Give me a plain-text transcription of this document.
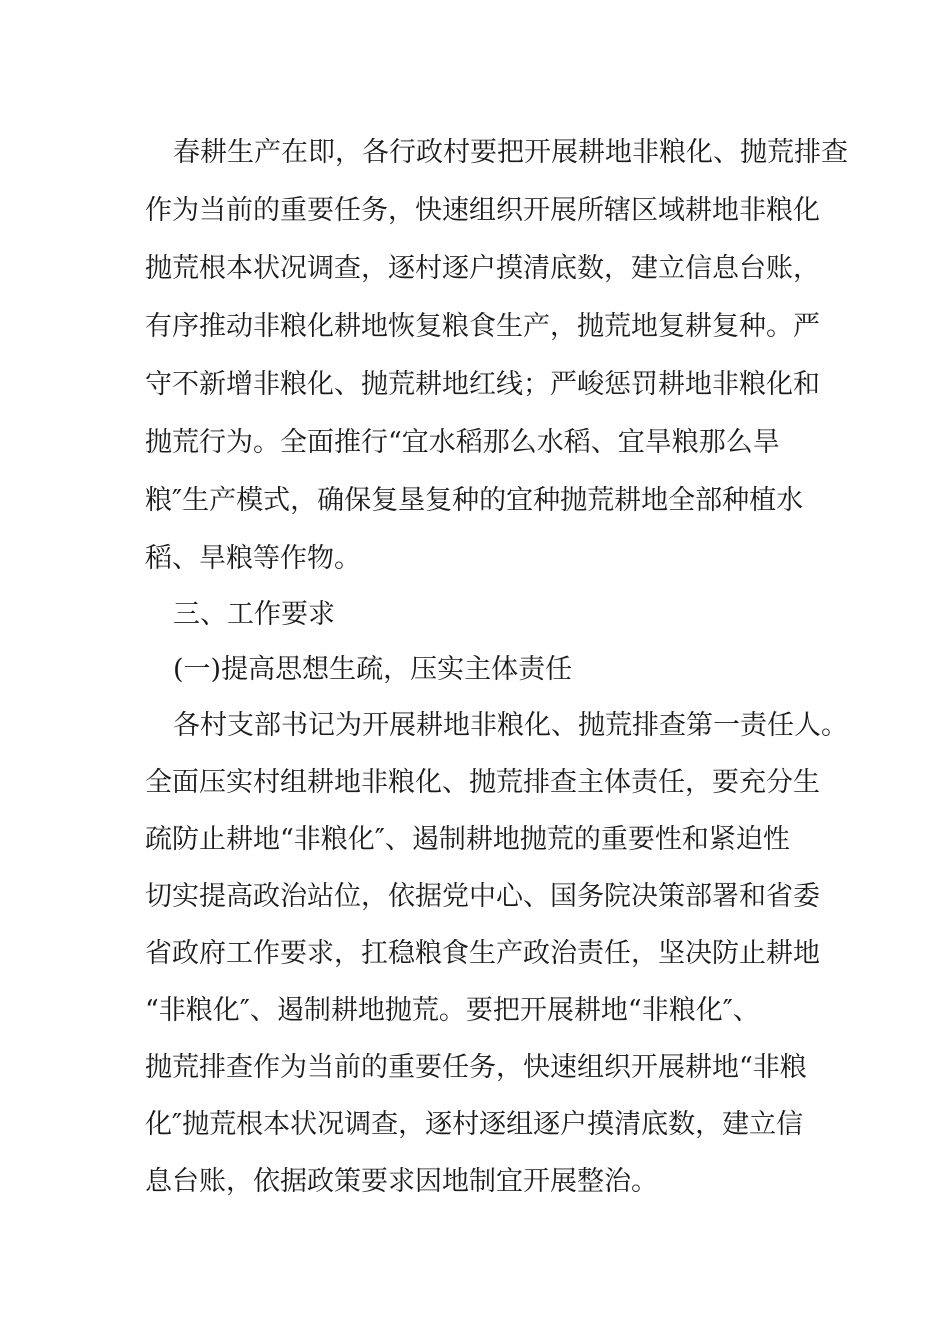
春耕生产在即，各行政村要把开展耕地非粮化、抛荒排查
作为当前的重要任务，快速组织开展所辖区域耕地非粮化
抛荒根本状况调查，逐村逐户摸清底数，建立信息台账，
有序推动非粮化耕地恢复粮食生产，抛荒地复耕复种。严
守不新增非粮化、抛荒耕地红线；严峻惩罚耕地非粮化和
抛荒行为。全面推行“宜水稻那么水稻、宜旱粮那么旱
粮″生产模式，确保复垦复种的宜种抛荒耕地全部种植水
稻、旱粮等作物。
三、工作要求
(一)提高思想生疏，压实主体责任
各村支部书记为开展耕地非粮化、抛荒排查第一责任人。
全面压实村组耕地非粮化、抛荒排查主体责任，要充分生
疏防止耕地“非粮化″、遏制耕地抛荒的重要性和紧迫性
切实提高政治站位，依据党中心、国务院决策部署和省委
省政府工作要求，扛稳粮食生产政治责任，坚决防止耕地
“非粮化″、遏制耕地抛荒。要把开展耕地“非粮化″、
抛荒排查作为当前的重要任务，快速组织开展耕地“非粮
化″抛荒根本状况调查，逐村逐组逐户摸清底数，建立信
息台账，依据政策要求因地制宜开展整治。
